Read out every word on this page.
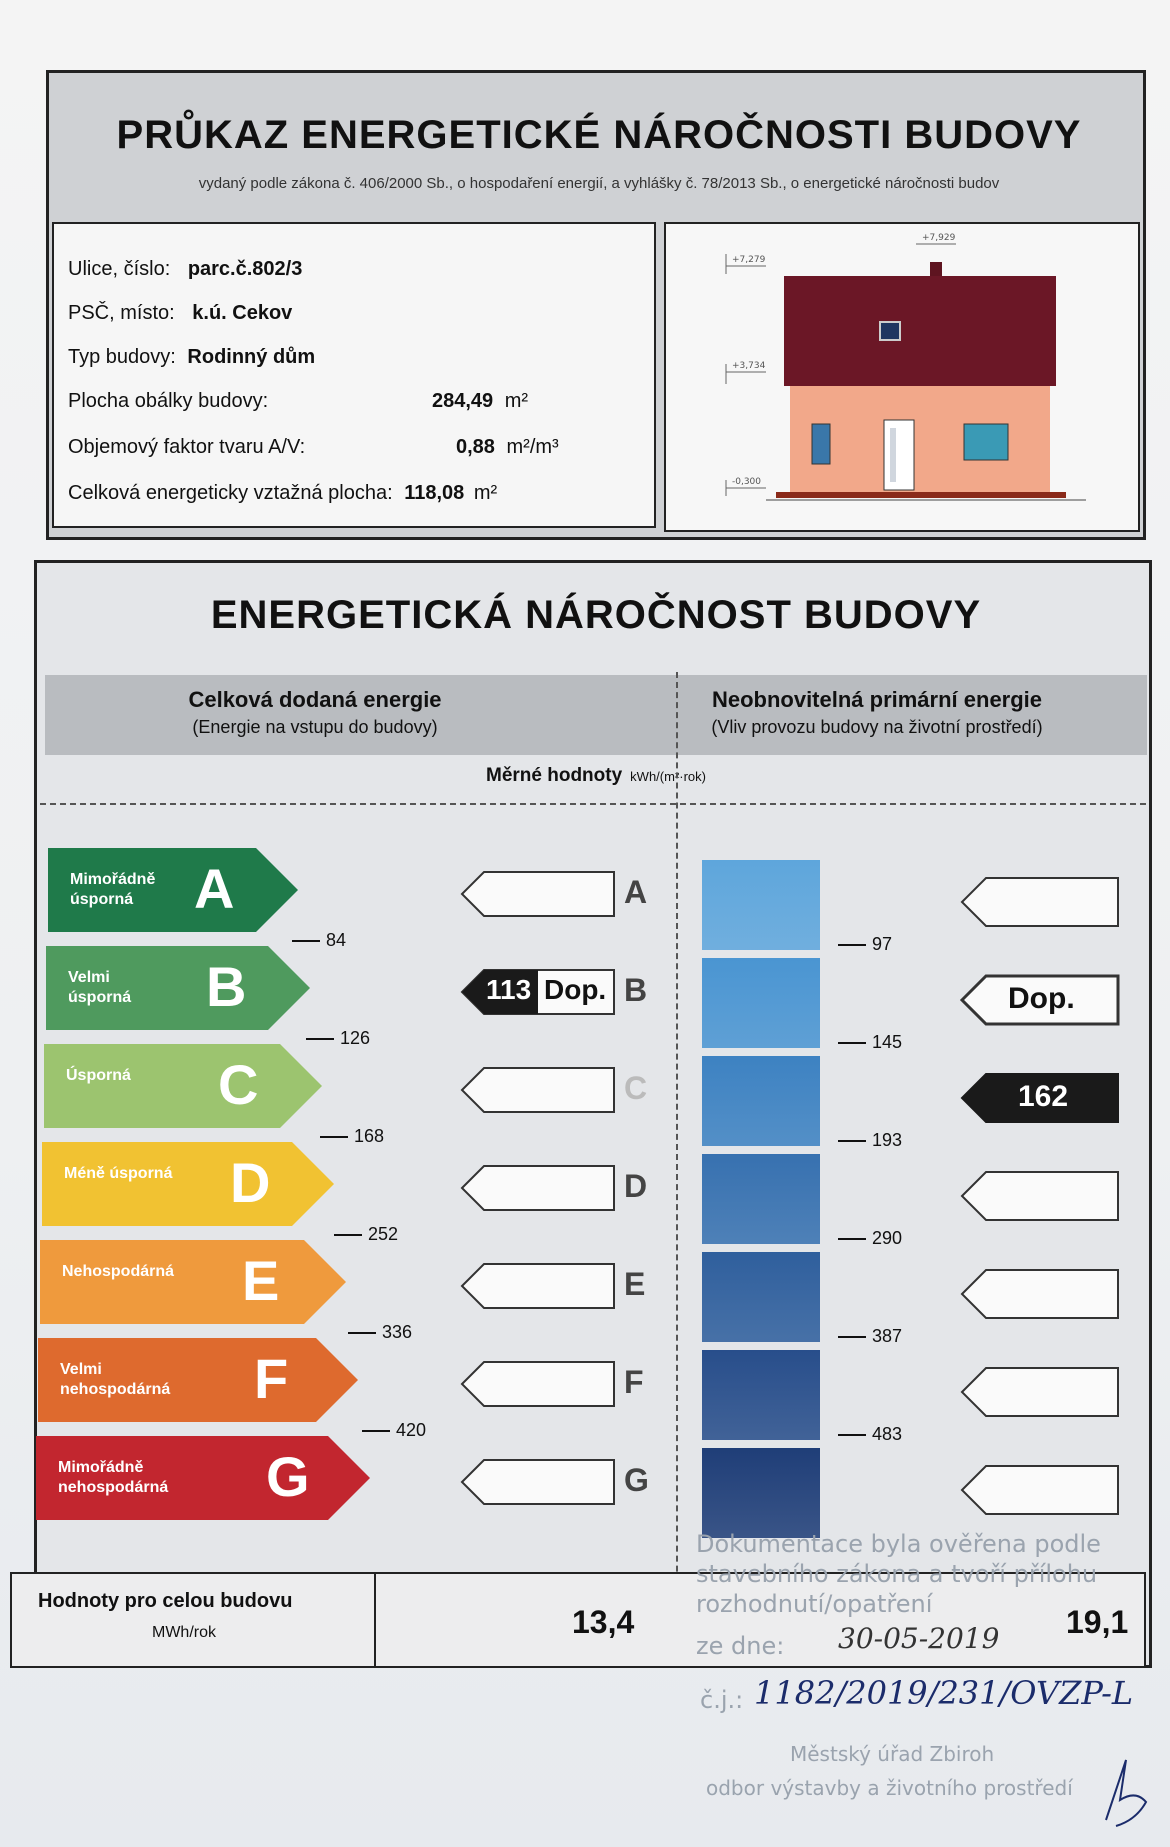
PRŮKAZ ENERGETICKÉ NÁROČNOSTI BUDOVY
vydaný podle zákona č. 406/2000 Sb., o hospodaření energií, a vyhlášky č. 78/2013 Sb., o energetické náročnosti budov
Ulice, číslo: parc.č.802/3
PSČ, místo: k.ú. Cekov
Typ budovy: Rodinný dům
Plocha obálky budovy:	284,49 m²
Objemový faktor tvaru A/V:	0,88 m²/m³
Celková energeticky vztažná plocha: 118,08 m²
+7,279
+7,929
+3,734
-0,300
ENERGETICKÁ NÁROČNOST BUDOVY
Celková dodaná energie
(Energie na vstupu do budovy)
Neobnovitelná primární energie
(Vliv provozu budovy na životní prostředí)
Měrné hodnoty kWh/(m²·rok)
Mimořádně
úsporná	A
Velmi
úsporná B
Úsporná C
Méně úsporná D
Nehospodárná E
Velmi
nehospodárná F
Mimořádně
nehospodárná G
84
126
168
252
336
420
A
B
113 Dop.
C
D
E
F
G
97
145
193
290
387
483
Dop.
162
Hodnoty pro celou budovu
MWh/rok	13,4	19,1
Dokumentace byla ověřena podle
stavebního zákona a tvoří přílohu
rozhodnutí/opatření
ze dne: 30-05-2019
č.j.: 1182/2019/231/OVZP-L
Městský úřad Zbiroh
odbor výstavby a životního prostředí
